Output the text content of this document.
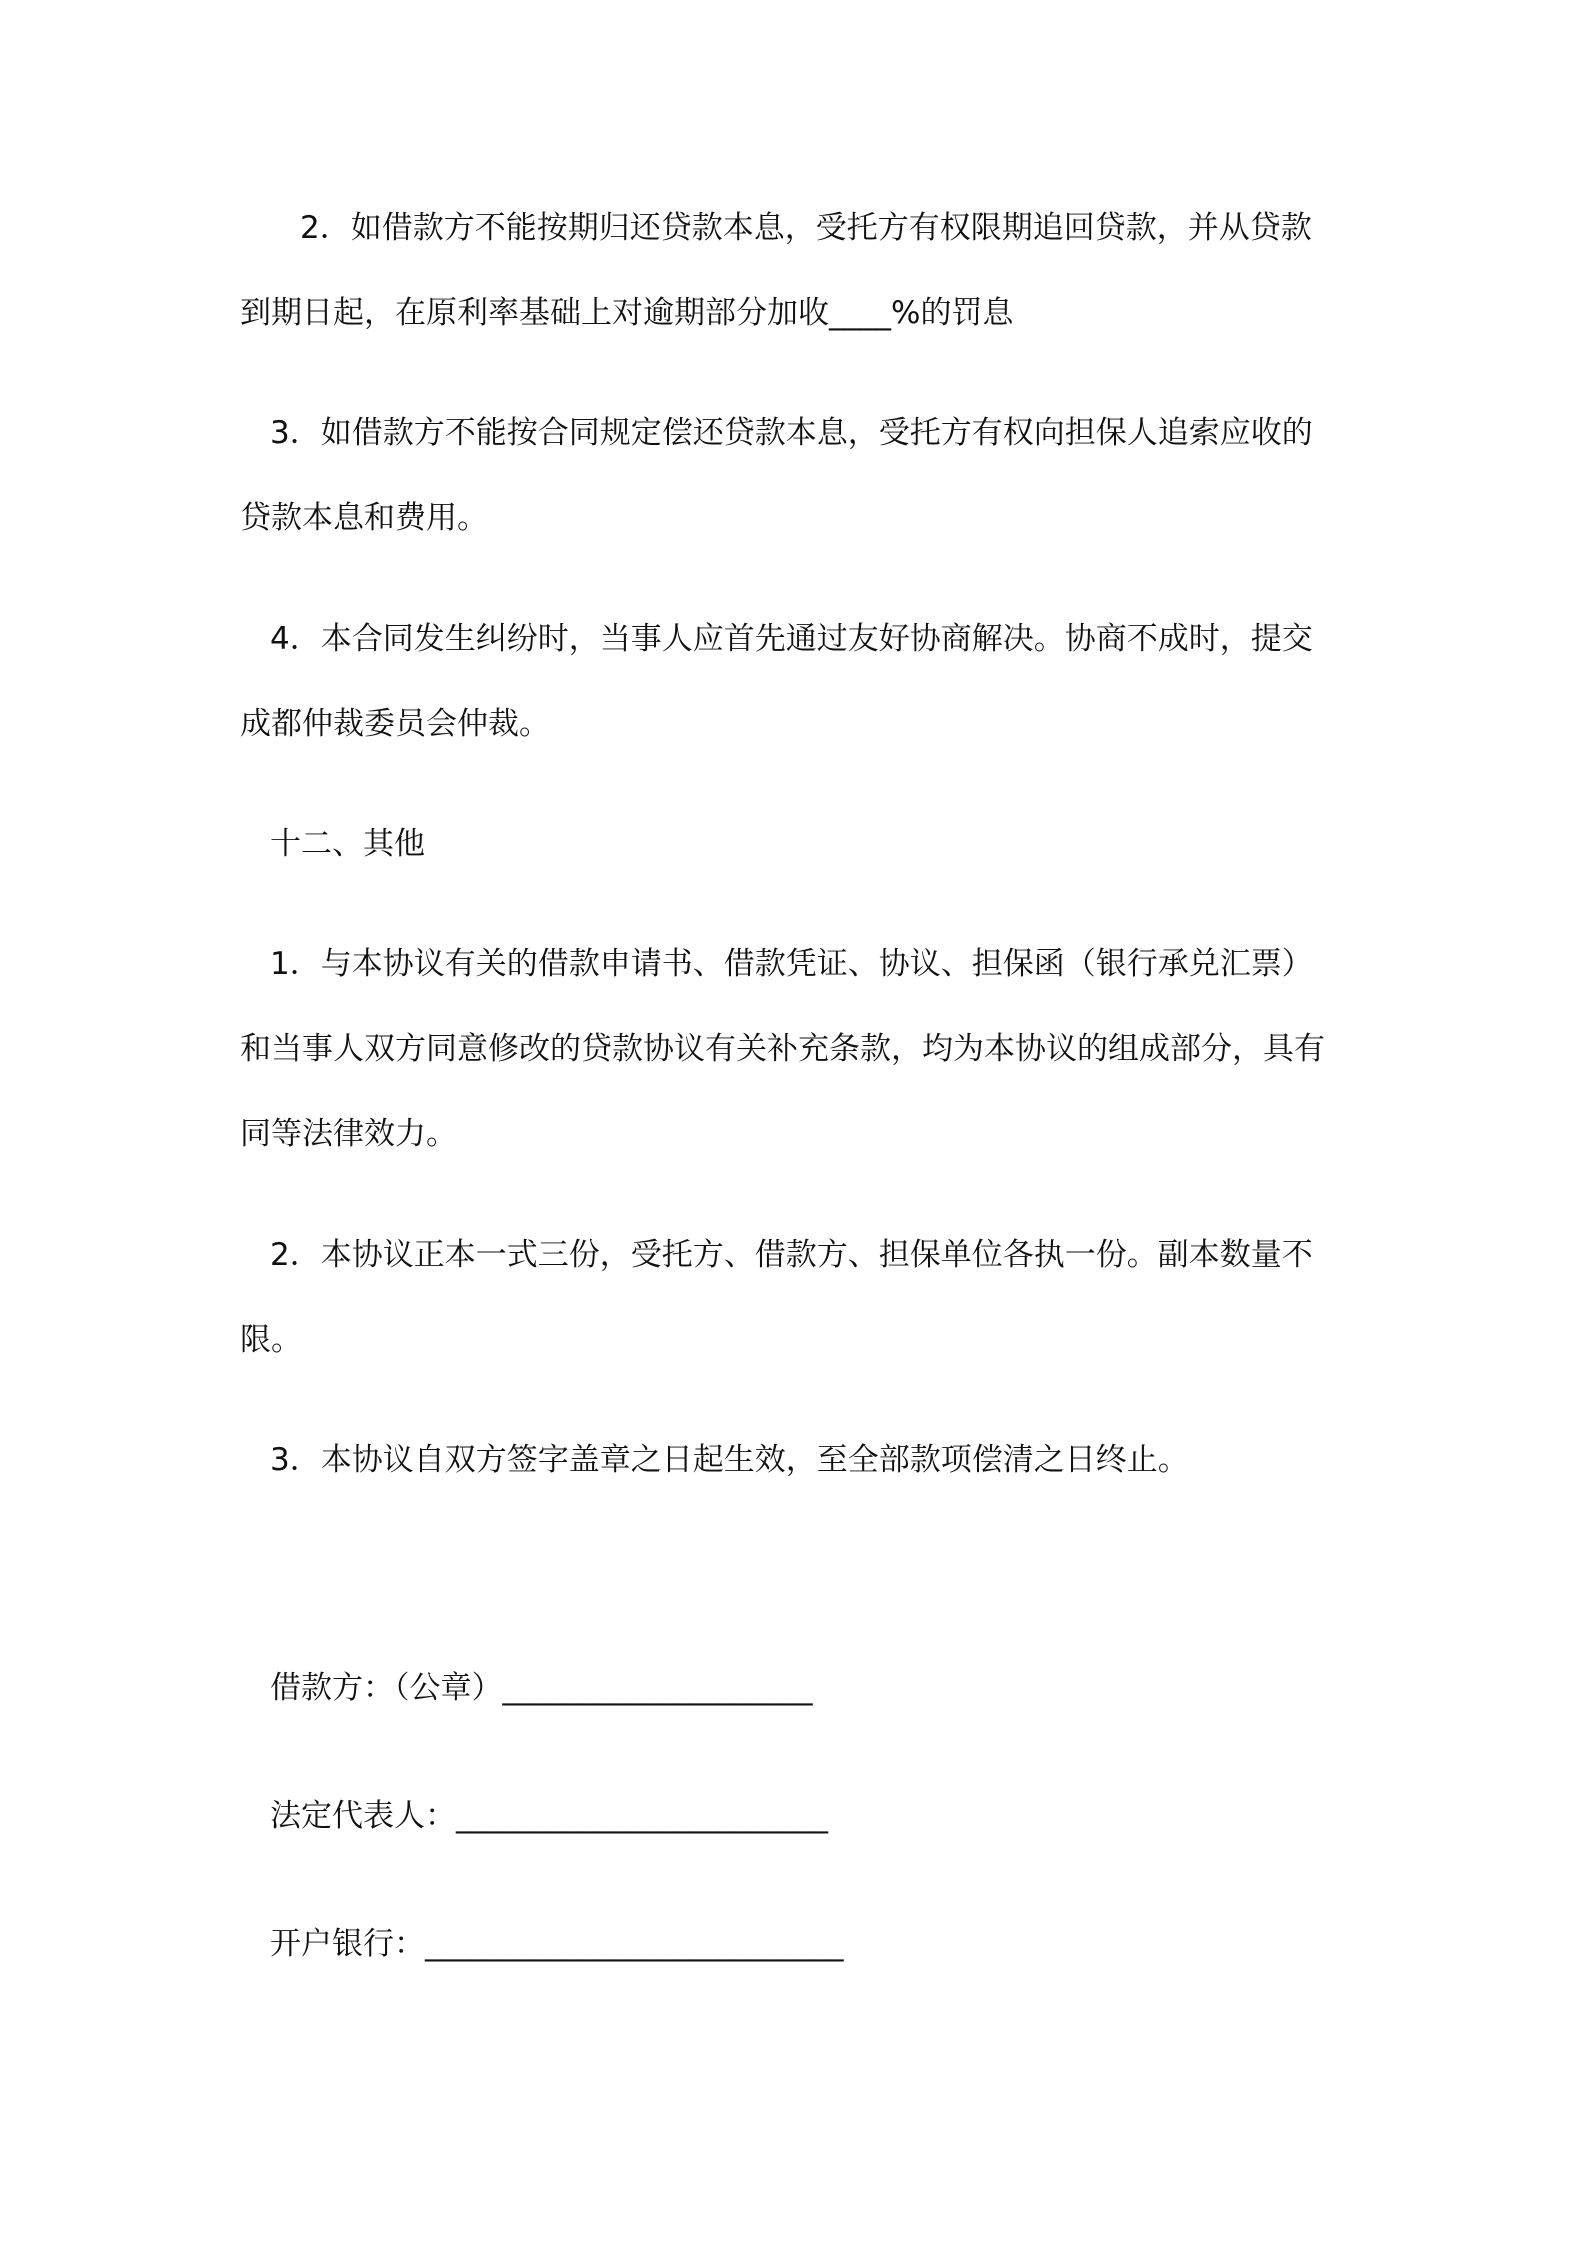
2．如借款方不能按期归还贷款本息，受托方有权限期追回贷款，并从贷款
到期日起，在原利率基础上对逾期部分加收____%的罚息

3．如借款方不能按合同规定偿还贷款本息，受托方有权向担保人追索应收的
贷款本息和费用。

4．本合同发生纠纷时，当事人应首先通过友好协商解决。协商不成时，提交
成都仲裁委员会仲裁。

十二、其他

1．与本协议有关的借款申请书、借款凭证、协议、担保函（银行承兑汇票）
和当事人双方同意修改的贷款协议有关补充条款，均为本协议的组成部分，具有
同等法律效力。

2．本协议正本一式三份，受托方、借款方、担保单位各执一份。副本数量不
限。

3．本协议自双方签字盖章之日起生效，至全部款项偿清之日终止。

借款方：（公章）____________________
法定代表人：________________________
开户银行：___________________________
